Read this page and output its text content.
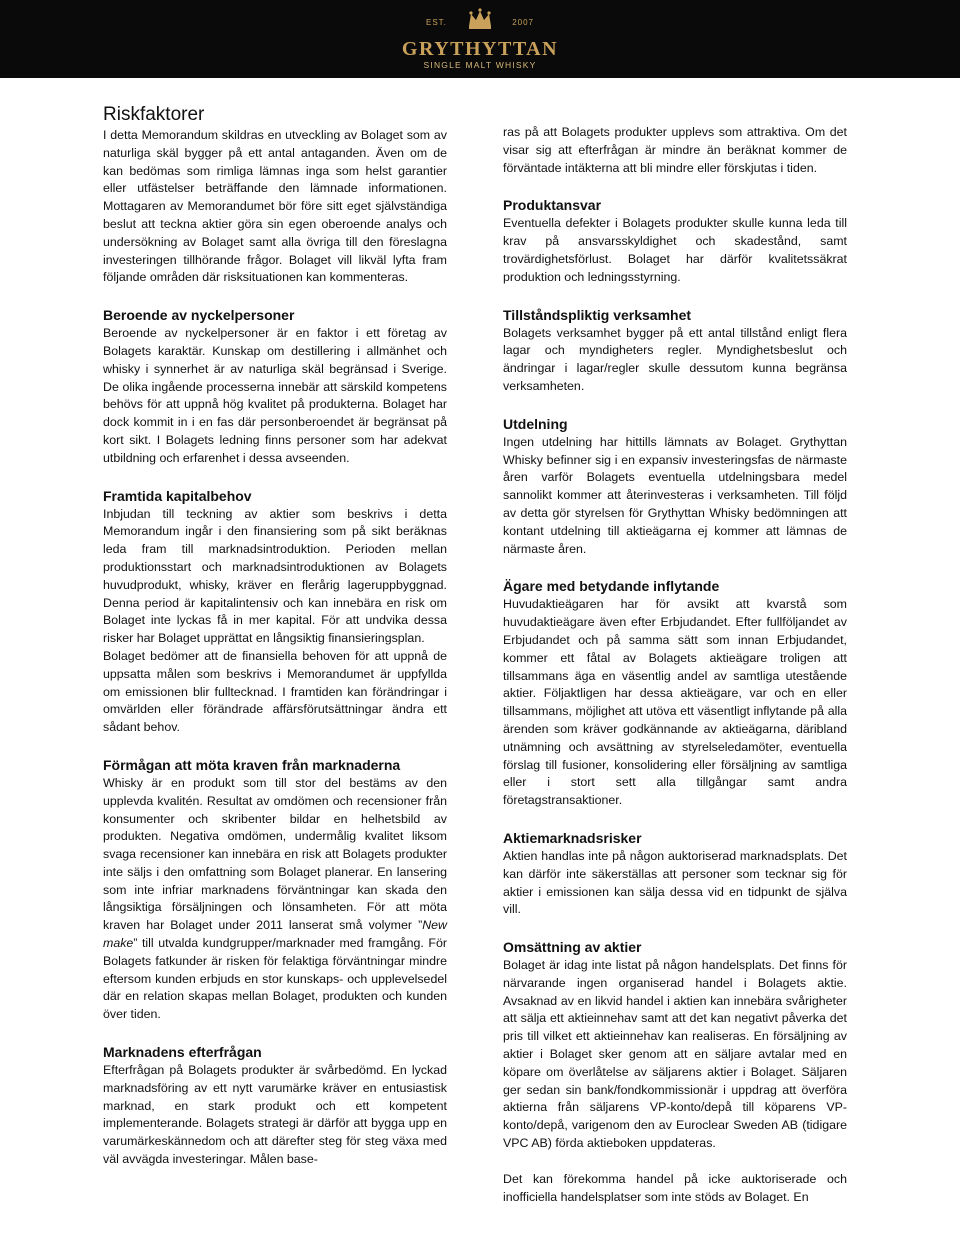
EST.	2007
GRYTHYTTAN
SINGLE MALT WHISKY
Riskfaktorer

I detta Memorandum skildras en utveckling av Bolaget som av naturliga skäl bygger på ett antal antaganden. Även om de kan bedömas som rimliga lämnas inga som helst garantier eller utfästelser beträffande den lämnade informationen. Mottagaren av Memorandumet bör före sitt eget självständiga beslut att teckna aktier göra sin egen oberoende analys och undersökning av Bolaget samt alla övriga till den föreslagna investeringen tillhörande frågor. Bolaget vill likväl lyfta fram följande områden där risksituationen kan kommenteras.

Beroende av nyckelpersoner

Beroende av nyckelpersoner är en faktor i ett företag av Bolagets karaktär. Kunskap om destillering i allmänhet och whisky i synnerhet är av naturliga skäl begränsad i Sverige. De olika ingående processerna innebär att särskild kompetens behövs för att uppnå hög kvalitet på produkterna. Bolaget har dock kommit in i en fas där personberoendet är begränsat på kort sikt. I Bolagets ledning finns personer som har adekvat utbildning och erfarenhet i dessa avseenden.

Framtida kapitalbehov

Inbjudan till teckning av aktier som beskrivs i detta Memorandum ingår i den finansiering som på sikt beräknas leda fram till marknadsintroduktion. Perioden mellan produktionsstart och marknadsintroduktionen av Bolagets huvudprodukt, whisky, kräver en flerårig lageruppbyggnad. Denna period är kapitalintensiv och kan innebära en risk om Bolaget inte lyckas få in mer kapital. För att undvika dessa risker har Bolaget upprättat en långsiktig finansieringsplan.

Bolaget bedömer att de finansiella behoven för att uppnå de uppsatta målen som beskrivs i Memorandumet är uppfyllda om emissionen blir fulltecknad. I framtiden kan förändringar i omvärlden eller förändrade affärsförutsättningar ändra ett sådant behov.

Förmågan att möta kraven från marknaderna

Whisky är en produkt som till stor del bestäms av den upplevda kvalitén. Resultat av omdömen och recensioner från konsumenter och skribenter bildar en helhetsbild av produkten. Negativa omdömen, undermålig kvalitet liksom svaga recensioner kan innebära en risk att Bolagets produkter inte säljs i den omfattning som Bolaget planerar. En lansering som inte infriar marknadens förväntningar kan skada den långsiktiga försäljningen och lönsamheten. För att möta kraven har Bolaget under 2011 lanserat små volymer ”New make” till utvalda kundgrupper/marknader med framgång. För Bolagets fatkunder är risken för felaktiga förväntningar mindre eftersom kunden erbjuds en stor kunskaps- och upplevelsedel där en relation skapas mellan Bolaget, produkten och kunden över tiden.

Marknadens efterfrågan

Efterfrågan på Bolagets produkter är svårbedömd. En lyckad marknadsföring av ett nytt varumärke kräver en entusiastisk marknad, en stark produkt och ett kompetent implementerande. Bolagets strategi är därför att bygga upp en varumärkeskännedom och att därefter steg för steg växa med väl avvägda investeringar. Målen base-

ras på att Bolagets produkter upplevs som attraktiva. Om det visar sig att efterfrågan är mindre än beräknat kommer de förväntade intäkterna att bli mindre eller förskjutas i tiden.

Produktansvar

Eventuella defekter i Bolagets produkter skulle kunna leda till krav på ansvarsskyldighet och skadestånd, samt trovärdighetsförlust. Bolaget har därför kvalitetssäkrat produktion och ledningsstyrning.

Tillståndspliktig verksamhet

Bolagets verksamhet bygger på ett antal tillstånd enligt flera lagar och myndigheters regler. Myndighetsbeslut och ändringar i lagar/regler skulle dessutom kunna begränsa verksamheten.

Utdelning

Ingen utdelning har hittills lämnats av Bolaget. Grythyttan Whisky befinner sig i en expansiv investeringsfas de närmaste åren varför Bolagets eventuella utdelningsbara medel sannolikt kommer att återinvesteras i verksamheten. Till följd av detta gör styrelsen för Grythyttan Whisky bedömningen att kontant utdelning till aktieägarna ej kommer att lämnas de närmaste åren.

Ägare med betydande inflytande

Huvudaktieägaren har för avsikt att kvarstå som huvudaktieägare även efter Erbjudandet. Efter fullföljandet av Erbjudandet och på samma sätt som innan Erbjudandet, kommer ett fåtal av Bolagets aktieägare troligen att tillsammans äga en väsentlig andel av samtliga utestående aktier. Följaktligen har dessa aktieägare, var och en eller tillsammans, möjlighet att utöva ett väsentligt inflytande på alla ärenden som kräver godkännande av aktieägarna, däribland utnämning och avsättning av styrelseledamöter, eventuella förslag till fusioner, konsolidering eller försäljning av samtliga eller i stort sett alla tillgångar samt andra företagstransaktioner.

Aktiemarknadsrisker

Aktien handlas inte på någon auktoriserad marknadsplats. Det kan därför inte säkerställas att personer som tecknar sig för aktier i emissionen kan sälja dessa vid en tidpunkt de själva vill.

Omsättning av aktier

Bolaget är idag inte listat på någon handelsplats. Det finns för närvarande ingen organiserad handel i Bolagets aktie. Avsaknad av en likvid handel i aktien kan innebära svårigheter att sälja ett aktieinnehav samt att det kan negativt påverka det pris till vilket ett aktieinnehav kan realiseras. En försäljning av aktier i Bolaget sker genom att en säljare avtalar med en köpare om överlåtelse av säljarens aktier i Bolaget. Säljaren ger sedan sin bank/fondkommissionär i uppdrag att överföra aktierna från säljarens VP-konto/depå till köparens VP-konto/depå, varigenom den av Euroclear Sweden AB (tidigare VPC AB) förda aktieboken uppdateras.

Det kan förekomma handel på icke auktoriserade och inofficiella handelsplatser som inte stöds av Bolaget. En
